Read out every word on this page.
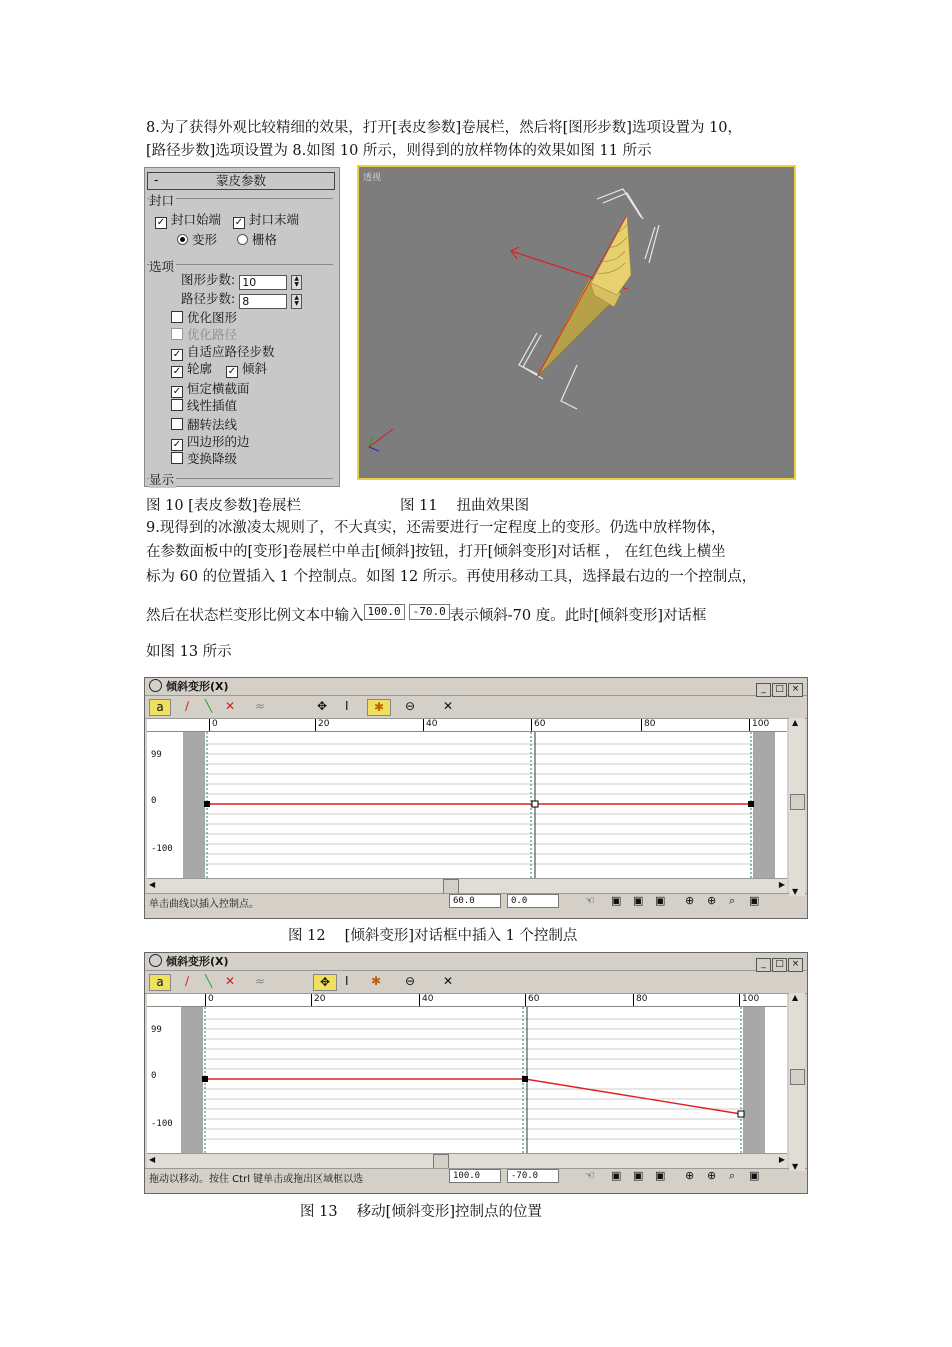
8.为了获得外观比较精细的效果，打开[表皮参数]卷展栏，然后将[图形步数]选项设置为 10，
[路径步数]选项设置为 8.如图 10 所示，则得到的放样物体的效果如图 11 所示
-	蒙皮参数
封口
✓ 封口始端 ✓ 封口末端
变形	栅格
选项
图形步数: 10	▲
▼
路径步数: 8	▲
▼
优化图形
优化路径
✓ 自适应路径步数
✓ 轮廓 ✓ 倾斜
✓ 恒定横截面
线性插值
翻转法线
✓ 四边形的边
变换降级
显示
透视
图 10 [表皮参数]卷展栏	图 11　 扭曲效果图
9.现得到的冰激凌太规则了，不大真实，还需要进行一定程度上的变形。仍选中放样物体，
在参数面板中的[变形]卷展栏中单击[倾斜]按钮，打开[倾斜变形]对话框 ， 在红色线上横坐
标为 60 的位置插入 1 个控制点。如图 12 所示。再使用移动工具，选择最右边的一个控制点，
然后在状态栏变形比例文本中输入 100.0 -70.0 表示倾斜-70 度。此时[倾斜变形]对话框
如图 13 所示
倾斜变形(X)	_ □ ×
a	∕ ╲ ✕ ≈	✥ I	✱	⊖ ✕
0	20	40	60	80	100
99
0
-100
◀	▶
单击曲线以插入控制点。	60.0	0.0	☜ ▣ ▣ ▣ ⊕ ⊕ ⌕ ▣
▲
▼
图 12　 [倾斜变形]对话框中插入 1 个控制点
倾斜变形(X)	_ □ ×
a	∕ ╲ ✕ ≈	✥	I ✱ ⊖ ✕
0	20	40	60	80	100
99
0
-100
◀	▶
拖动以移动。按住 Ctrl 键单击或拖出区域框以选	100.0	-70.0	☜ ▣ ▣ ▣ ⊕ ⊕ ⌕ ▣
▲
▼
图 13　 移动[倾斜变形]控制点的位置
